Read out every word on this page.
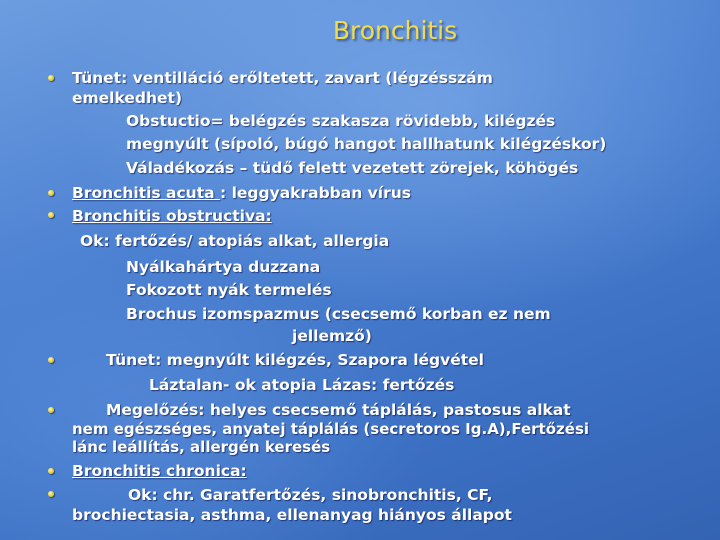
Bronchitis
Tünet: ventilláció erőltetett, zavart (légzésszám
emelkedhet)
Obstuctio= belégzés szakasza rövidebb, kilégzés
megnyúlt (sípoló, búgó hangot hallhatunk kilégzéskor)
Váladékozás – tüdő felett vezetett zörejek, köhögés
Bronchitis acuta : leggyakrabban vírus
Bronchitis obstructiva:
Ok: fertőzés/ atopiás alkat, allergia
Nyálkahártya duzzana
Fokozott nyák termelés
Brochus izomspazmus (csecsemő korban ez nem
jellemző)
Tünet: megnyúlt kilégzés, Szapora légvétel
Láztalan- ok atopia Lázas: fertőzés
Megelőzés: helyes csecsemő táplálás, pastosus alkat
nem egészséges, anyatej táplálás (secretoros Ig.A),Fertőzési
lánc leállítás, allergén keresés
Bronchitis chronica:
Ok: chr. Garatfertőzés, sinobronchitis, CF,
brochiectasia, asthma, ellenanyag hiányos állapot
